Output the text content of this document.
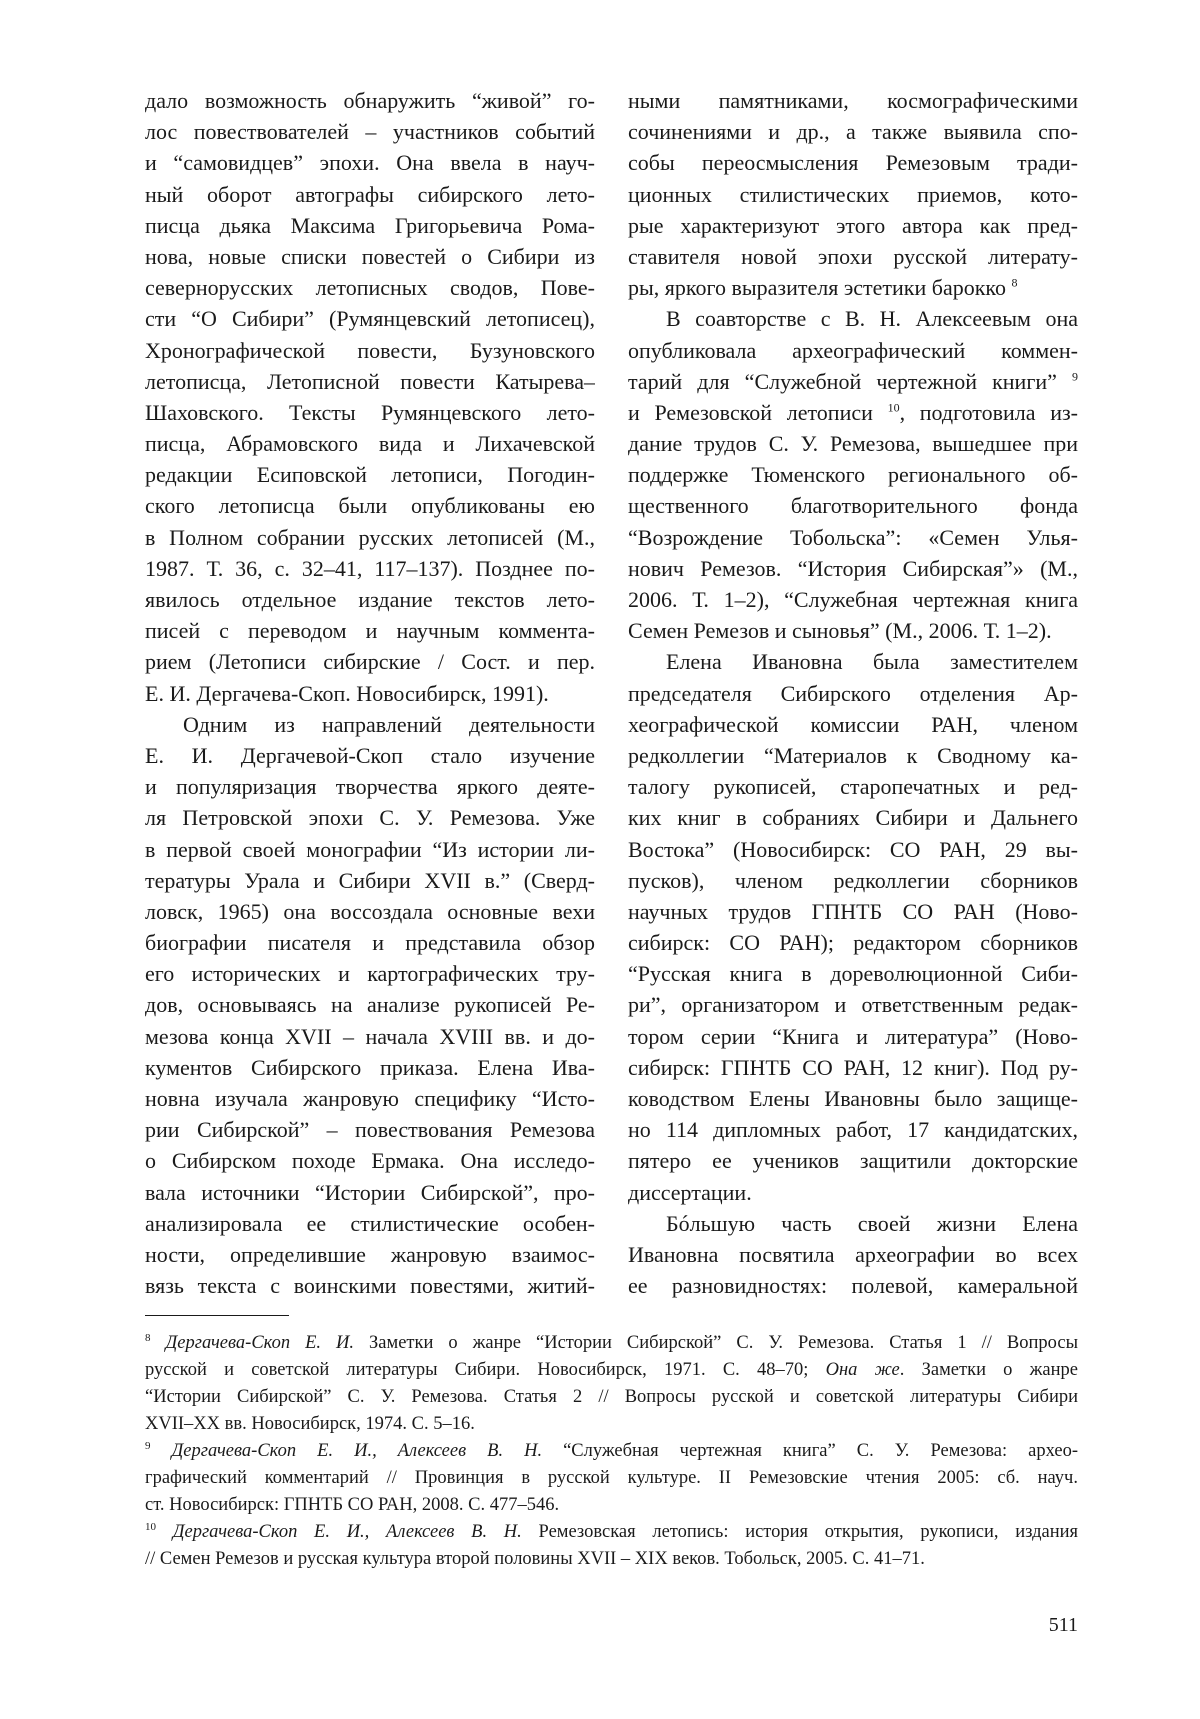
дало возможность обнаружить “живой” го-
лос повествователей – участников событий
и “самовидцев” эпохи. Она ввела в науч-
ный оборот автографы сибирского лето-
писца дьяка Максима Григорьевича Рома-
нова, новые списки повестей о Сибири из
севернорусских летописных сводов, Пове-
сти “О Сибири” (Румянцевский летописец),
Хронографической повести, Бузуновского
летописца, Летописной повести Катырева–
Шаховского. Тексты Румянцевского лето-
писца, Абрамовского вида и Лихачевской
редакции Есиповской летописи, Погодин-
ского летописца были опубликованы ею
в Полном собрании русских летописей (М.,
1987. Т. 36, с. 32–41, 117–137). Позднее по-
явилось отдельное издание текстов лето-
писей с переводом и научным коммента-
рием (Летописи сибирские / Сост. и пер.
Е. И. Дергачева-Скоп. Новосибирск, 1991).
Одним из направлений деятельности
Е. И. Дергачевой-Скоп стало изучение
и популяризация творчества яркого деяте-
ля Петровской эпохи С. У. Ремезова. Уже
в первой своей монографии “Из истории ли-
тературы Урала и Сибири XVII в.” (Сверд-
ловск, 1965) она воссоздала основные вехи
биографии писателя и представила обзор
его исторических и картографических тру-
дов, основываясь на анализе рукописей Ре-
мезова конца XVII – начала XVIII вв. и до-
кументов Сибирского приказа. Елена Ива-
новна изучала жанровую специфику “Исто-
рии Сибирской” – повествования Ремезова
о Сибирском походе Ермака. Она исследо-
вала источники “Истории Сибирской”, про-
анализировала ее стилистические особен-
ности, определившие жанровую взаимос-
вязь текста с воинскими повестями, житий-
ными памятниками, космографическими
сочинениями и др., а также выявила спо-
собы переосмысления Ремезовым тради-
ционных стилистических приемов, кото-
рые характеризуют этого автора как пред-
ставителя новой эпохи русской литерату-
ры, яркого выразителя эстетики барокко $^8$
В соавторстве с В. Н. Алексеевым она
опубликовала археографический коммен-
тарий для “Служебной чертежной книги” $^9$
и Ремезовской летописи $^{10}$, подготовила из-
дание трудов С. У. Ремезова, вышедшее при
поддержке Тюменского регионального об-
щественного благотворительного фонда
“Возрождение Тобольска”: «Семен Улья-
нович Ремезов. “История Сибирская”» (М.,
2006. Т. 1–2), “Служебная чертежная книга
Семен Ремезов и сыновья” (М., 2006. Т. 1–2).
Елена Ивановна была заместителем
председателя Сибирского отделения Ар-
хеографической комиссии РАН, членом
редколлегии “Материалов к Сводному ка-
талогу рукописей, старопечатных и ред-
ких книг в собраниях Сибири и Дальнего
Востока” (Новосибирск: СО РАН, 29 вы-
пусков), членом редколлегии сборников
научных трудов ГПНТБ СО РАН (Ново-
сибирск: СО РАН); редактором сборников
“Русская книга в дореволюционной Сиби-
ри”, организатором и ответственным редак-
тором серии “Книга и литература” (Ново-
сибирск: ГПНТБ СО РАН, 12 книг). Под ру-
ководством Елены Ивановны было защище-
но 114 дипломных работ, 17 кандидатских,
пятеро ее учеников защитили докторские
диссертации.
Бóльшую часть своей жизни Елена
Ивановна посвятила археографии во всех
ее разновидностях: полевой, камеральной
$^8$ Дергачева-Скоп Е. И. Заметки о жанре “Истории Сибирской” С. У. Ремезова. Статья 1 // Вопросы
русской и советской литературы Сибири. Новосибирск, 1971. С. 48–70; Она же. Заметки о жанре
“Истории Сибирской” С. У. Ремезова. Статья 2 // Вопросы русской и советской литературы Сибири
XVII–XX вв. Новосибирск, 1974. С. 5–16.
$^9$ Дергачева-Скоп Е. И., Алексеев В. Н. “Служебная чертежная книга” С. У. Ремезова: архео-
графический комментарий // Провинция в русской культуре. II Ремезовские чтения 2005: сб. науч.
ст. Новосибирск: ГПНТБ СО РАН, 2008. С. 477–546.
$^{10}$ Дергачева-Скоп Е. И., Алексеев В. Н. Ремезовская летопись: история открытия, рукописи, издания
// Семен Ремезов и русская культура второй половины XVII – XIX веков. Тобольск, 2005. С. 41–71.
511
